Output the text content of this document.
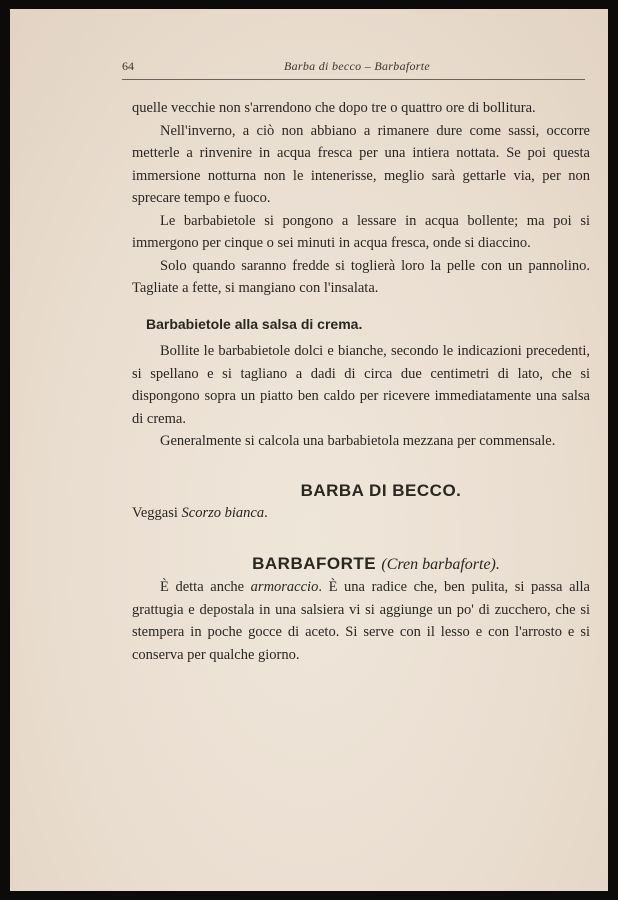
64	Barba di becco – Barbaforte

quelle vecchie non s'arrendono che dopo tre o quattro ore di bollitura.

Nell'inverno, a ciò non abbiano a rimanere dure come sassi, occorre metterle a rinvenire in acqua fresca per una intiera nottata. Se poi questa immersione notturna non le intenerisse, meglio sarà gettarle via, per non sprecare tempo e fuoco.

Le barbabietole si pongono a lessare in acqua bollente; ma poi si immergono per cinque o sei minuti in acqua fresca, onde si diaccino.

Solo quando saranno fredde si toglierà loro la pelle con un pannolino. Tagliate a fette, si mangiano con l'insalata.

Barbabietole alla salsa di crema.

Bollite le barbabietole dolci e bianche, secondo le indicazioni precedenti, si spellano e si tagliano a dadi di circa due centimetri di lato, che si dispongono sopra un piatto ben caldo per ricevere immediatamente una salsa di crema.

Generalmente si calcola una barbabietola mezzana per commensale.

BARBA DI BECCO.

Veggasi Scorzo bianca.

BARBAFORTE (Cren barbaforte).

È detta anche armoraccio. È una radice che, ben pulita, si passa alla grattugia e depostala in una salsiera vi si aggiunge un po' di zucchero, che si stempera in poche gocce di aceto. Si serve con il lesso e con l'arrosto e si conserva per qualche giorno.
